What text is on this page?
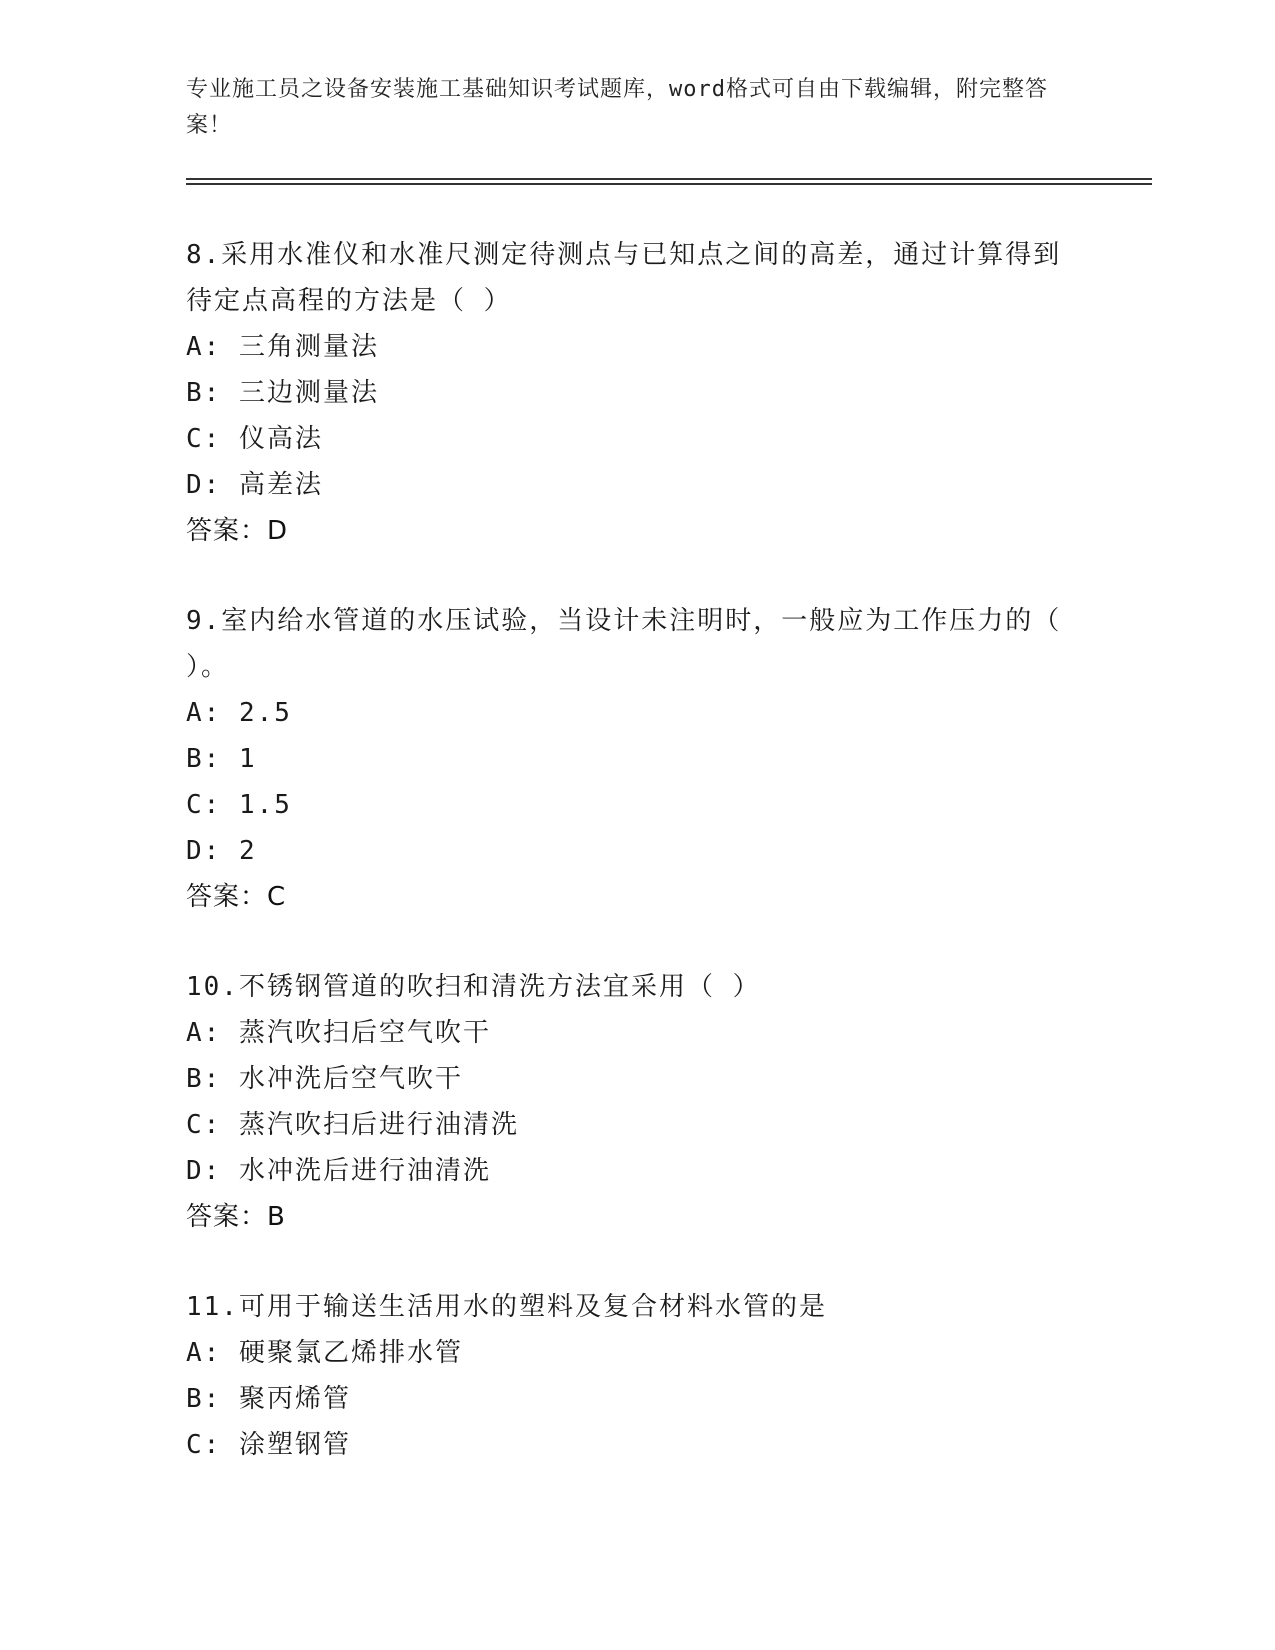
专业施工员之设备安装施工基础知识考试题库，word格式可自由下载编辑，附完整答案！
8.采用水准仪和水准尺测定待测点与已知点之间的高差，通过计算得到待定点高程的方法是（ ）
A: 三角测量法
B: 三边测量法
C: 仪高法
D: 高差法
答案：D
9.室内给水管道的水压试验，当设计未注明时，一般应为工作压力的（ ）。
A: 2.5
B: 1
C: 1.5
D: 2
答案：C
10.不锈钢管道的吹扫和清洗方法宜采用（ ）
A: 蒸汽吹扫后空气吹干
B: 水冲洗后空气吹干
C: 蒸汽吹扫后进行油清洗
D: 水冲洗后进行油清洗
答案：B
11.可用于输送生活用水的塑料及复合材料水管的是
A: 硬聚氯乙烯排水管
B: 聚丙烯管
C: 涂塑钢管
